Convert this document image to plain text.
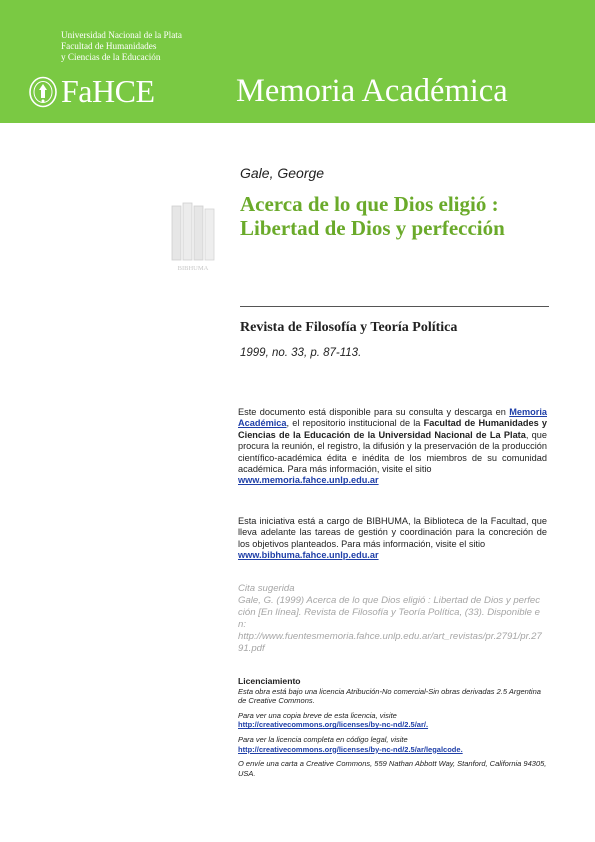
Universidad Nacional de la Plata
Facultad de Humanidades
y Ciencias de la Educación
FaHCE	Memoria Académica
Gale, George
BIBHUMA
Acerca de lo que Dios eligió : Libertad de Dios y perfección
Revista de Filosofía y Teoría Política
1999, no. 33, p. 87-113.
Este documento está disponible para su consulta y descarga en Memoria Académica, el repositorio institucional de la Facultad de Humanidades y Ciencias de la Educación de la Universidad Nacional de La Plata, que procura la reunión, el registro, la difusión y la preservación de la producción científico-académica édita e inédita de los miembros de su comunidad académica. Para más información, visite el sitio
www.memoria.fahce.unlp.edu.ar
Esta iniciativa está a cargo de BIBHUMA, la Biblioteca de la Facultad, que lleva adelante las tareas de gestión y coordinación para la concreción de los objetivos planteados. Para más información, visite el sitio
www.bibhuma.fahce.unlp.edu.ar
Cita sugerida
Gale, G. (1999) Acerca de lo que Dios eligió : Libertad de Dios y perfección [En línea]. Revista de Filosofía y Teoría Política, (33). Disponible en:
http://www.fuentesmemoria.fahce.unlp.edu.ar/art_revistas/pr.2791/pr.2791.pdf
Licenciamiento
Esta obra está bajo una licencia Atribución-No comercial-Sin obras derivadas 2.5 Argentina de Creative Commons.
Para ver una copia breve de esta licencia, visite
http://creativecommons.org/licenses/by-nc-nd/2.5/ar/.
Para ver la licencia completa en código legal, visite
http://creativecommons.org/licenses/by-nc-nd/2.5/ar/legalcode.
O envíe una carta a Creative Commons, 559 Nathan Abbott Way, Stanford, California 94305, USA.
